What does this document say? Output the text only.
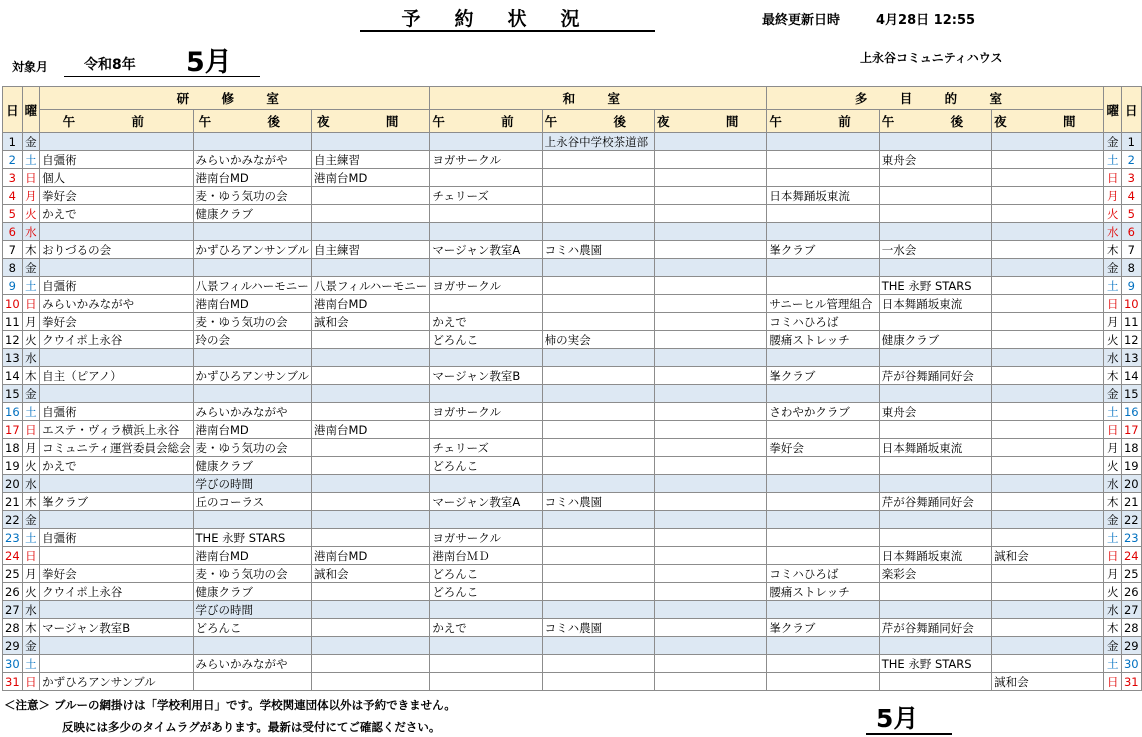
予約状況	最終更新日時	4月28日 12:55
対象月	令和8年 5月	上永谷コミュニティハウス
日	曜	研 修 室			和 室			多 目 的 室			曜	日
		午 前	午 後	夜 間	午 前	午 後	夜 間	午 前	午 後	夜 間		
1	金					上永谷中学校茶道部					金	1
2	土	自彊術	みらいかみながや	自主練習	ヨガサークル				東舟会		土	2
3	日	個人	港南台MD	港南台MD							日	3
4	月	拳好会	麦・ゆう気功の会		チェリーズ			日本舞踊坂東流			月	4
5	火	かえで	健康クラブ								火	5
6	水										水	6
7	木	おりづるの会	かずひろアンサンブル	自主練習	マージャン教室A	コミハ農園		峯クラブ	一水会		木	7
8	金										金	8
9	土	自彊術	八景フィルハーモニー	八景フィルハーモニー	ヨガサークル				THE 永野 STARS		土	9
10	日	みらいかみながや	港南台MD	港南台MD				サニーヒル管理組合	日本舞踊坂東流		日	10
11	月	拳好会	麦・ゆう気功の会	誠和会	かえで			コミハひろば			月	11
12	火	クウイポ上永谷	玲の会		どろんこ	柿の実会		腰痛ストレッチ	健康クラブ		火	12
13	水										水	13
14	木	自主（ピアノ）	かずひろアンサンブル		マージャン教室B			峯クラブ	芹が谷舞踊同好会		木	14
15	金										金	15
16	土	自彊術	みらいかみながや		ヨガサークル			さわやかクラブ	東舟会		土	16
17	日	エステ・ヴィラ横浜上永谷	港南台MD	港南台MD							日	17
18	月	コミュニティ運営委員会総会	麦・ゆう気功の会		チェリーズ			拳好会	日本舞踊坂東流		月	18
19	火	かえで	健康クラブ		どろんこ						火	19
20	水		学びの時間								水	20
21	木	峯クラブ	丘のコーラス		マージャン教室A	コミハ農園			芹が谷舞踊同好会		木	21
22	金										金	22
23	土	自彊術	THE 永野 STARS		ヨガサークル						土	23
24	日		港南台MD	港南台MD	港南台ＭＤ				日本舞踊坂東流	誠和会	日	24
25	月	拳好会	麦・ゆう気功の会	誠和会	どろんこ			コミハひろば	楽彩会		月	25
26	火	クウイポ上永谷	健康クラブ		どろんこ			腰痛ストレッチ			火	26
27	水		学びの時間								水	27
28	木	マージャン教室B	どろんこ		かえで	コミハ農園		峯クラブ	芹が谷舞踊同好会		木	28
29	金										金	29
30	土		みらいかみながや						THE 永野 STARS		土	30
31	日	かずひろアンサンブル								誠和会	日	31
＜注意＞ ブルーの網掛けは「学校利用日」です。学校関連団体以外は予約できません。
反映には多少のタイムラグがあります。最新は受付にてご確認ください。	5月
